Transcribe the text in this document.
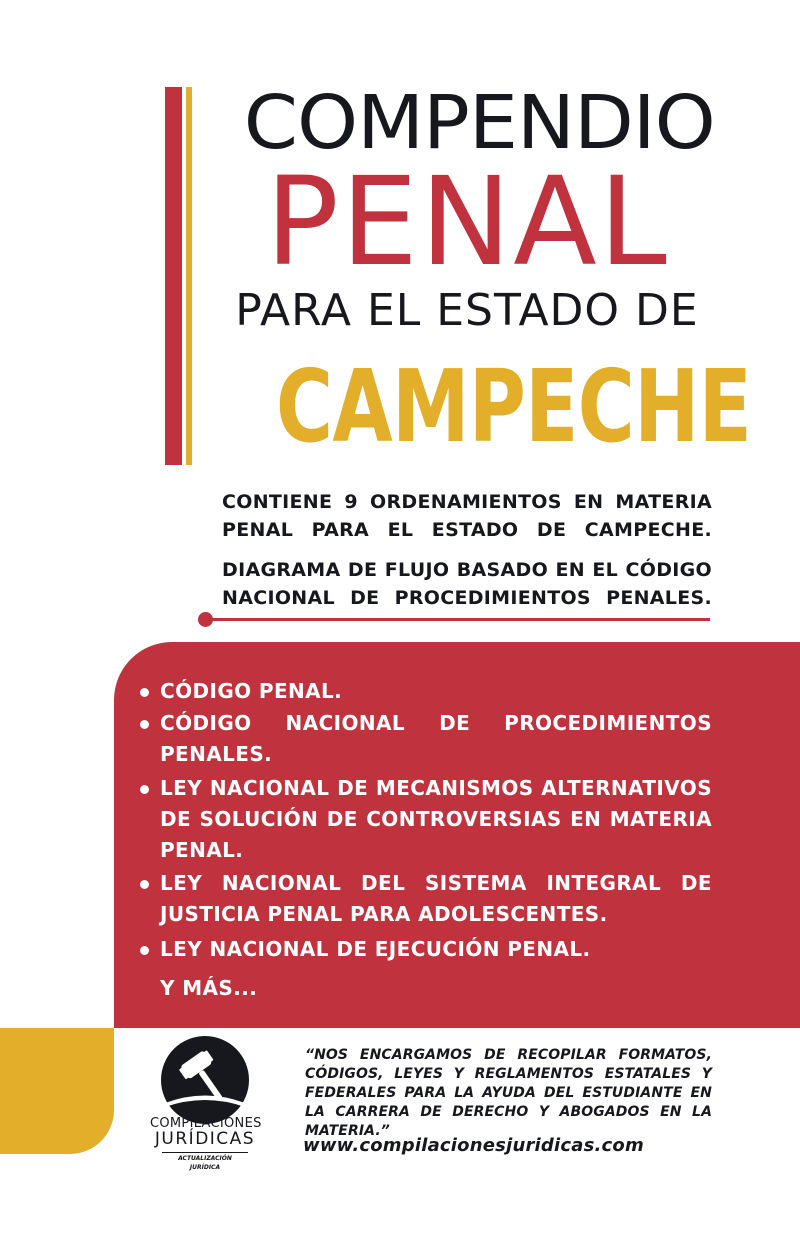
COMPENDIO
PENAL
PARA EL ESTADO DE
CAMPECHE
CONTIENE 9 ORDENAMIENTOS EN MATERIA PENAL PARA EL ESTADO DE CAMPECHE.
DIAGRAMA DE FLUJO BASADO EN EL CÓDIGO NACIONAL DE PROCEDIMIENTOS PENALES.
CÓDIGO PENAL.
CÓDIGO NACIONAL DE PROCEDIMIENTOS PENALES.
LEY NACIONAL DE MECANISMOS ALTERNATIVOS DE SOLUCIÓN DE CONTROVERSIAS EN MATERIA PENAL.
LEY NACIONAL DEL SISTEMA INTEGRAL DE JUSTICIA PENAL PARA ADOLESCENTES.
LEY NACIONAL DE EJECUCIÓN PENAL.
Y MÁS...
COMPILACIONES
JURÍDICAS
ACTUALIZACIÓN JURÍDICA
“NOS ENCARGAMOS DE RECOPILAR FORMATOS, CÓDIGOS, LEYES Y REGLAMENTOS ESTATALES Y FEDERALES PARA LA AYUDA DEL ESTUDIANTE EN LA CARRERA DE DERECHO Y ABOGADOS EN LA MATERIA.”
www.compilacionesjuridicas.com
